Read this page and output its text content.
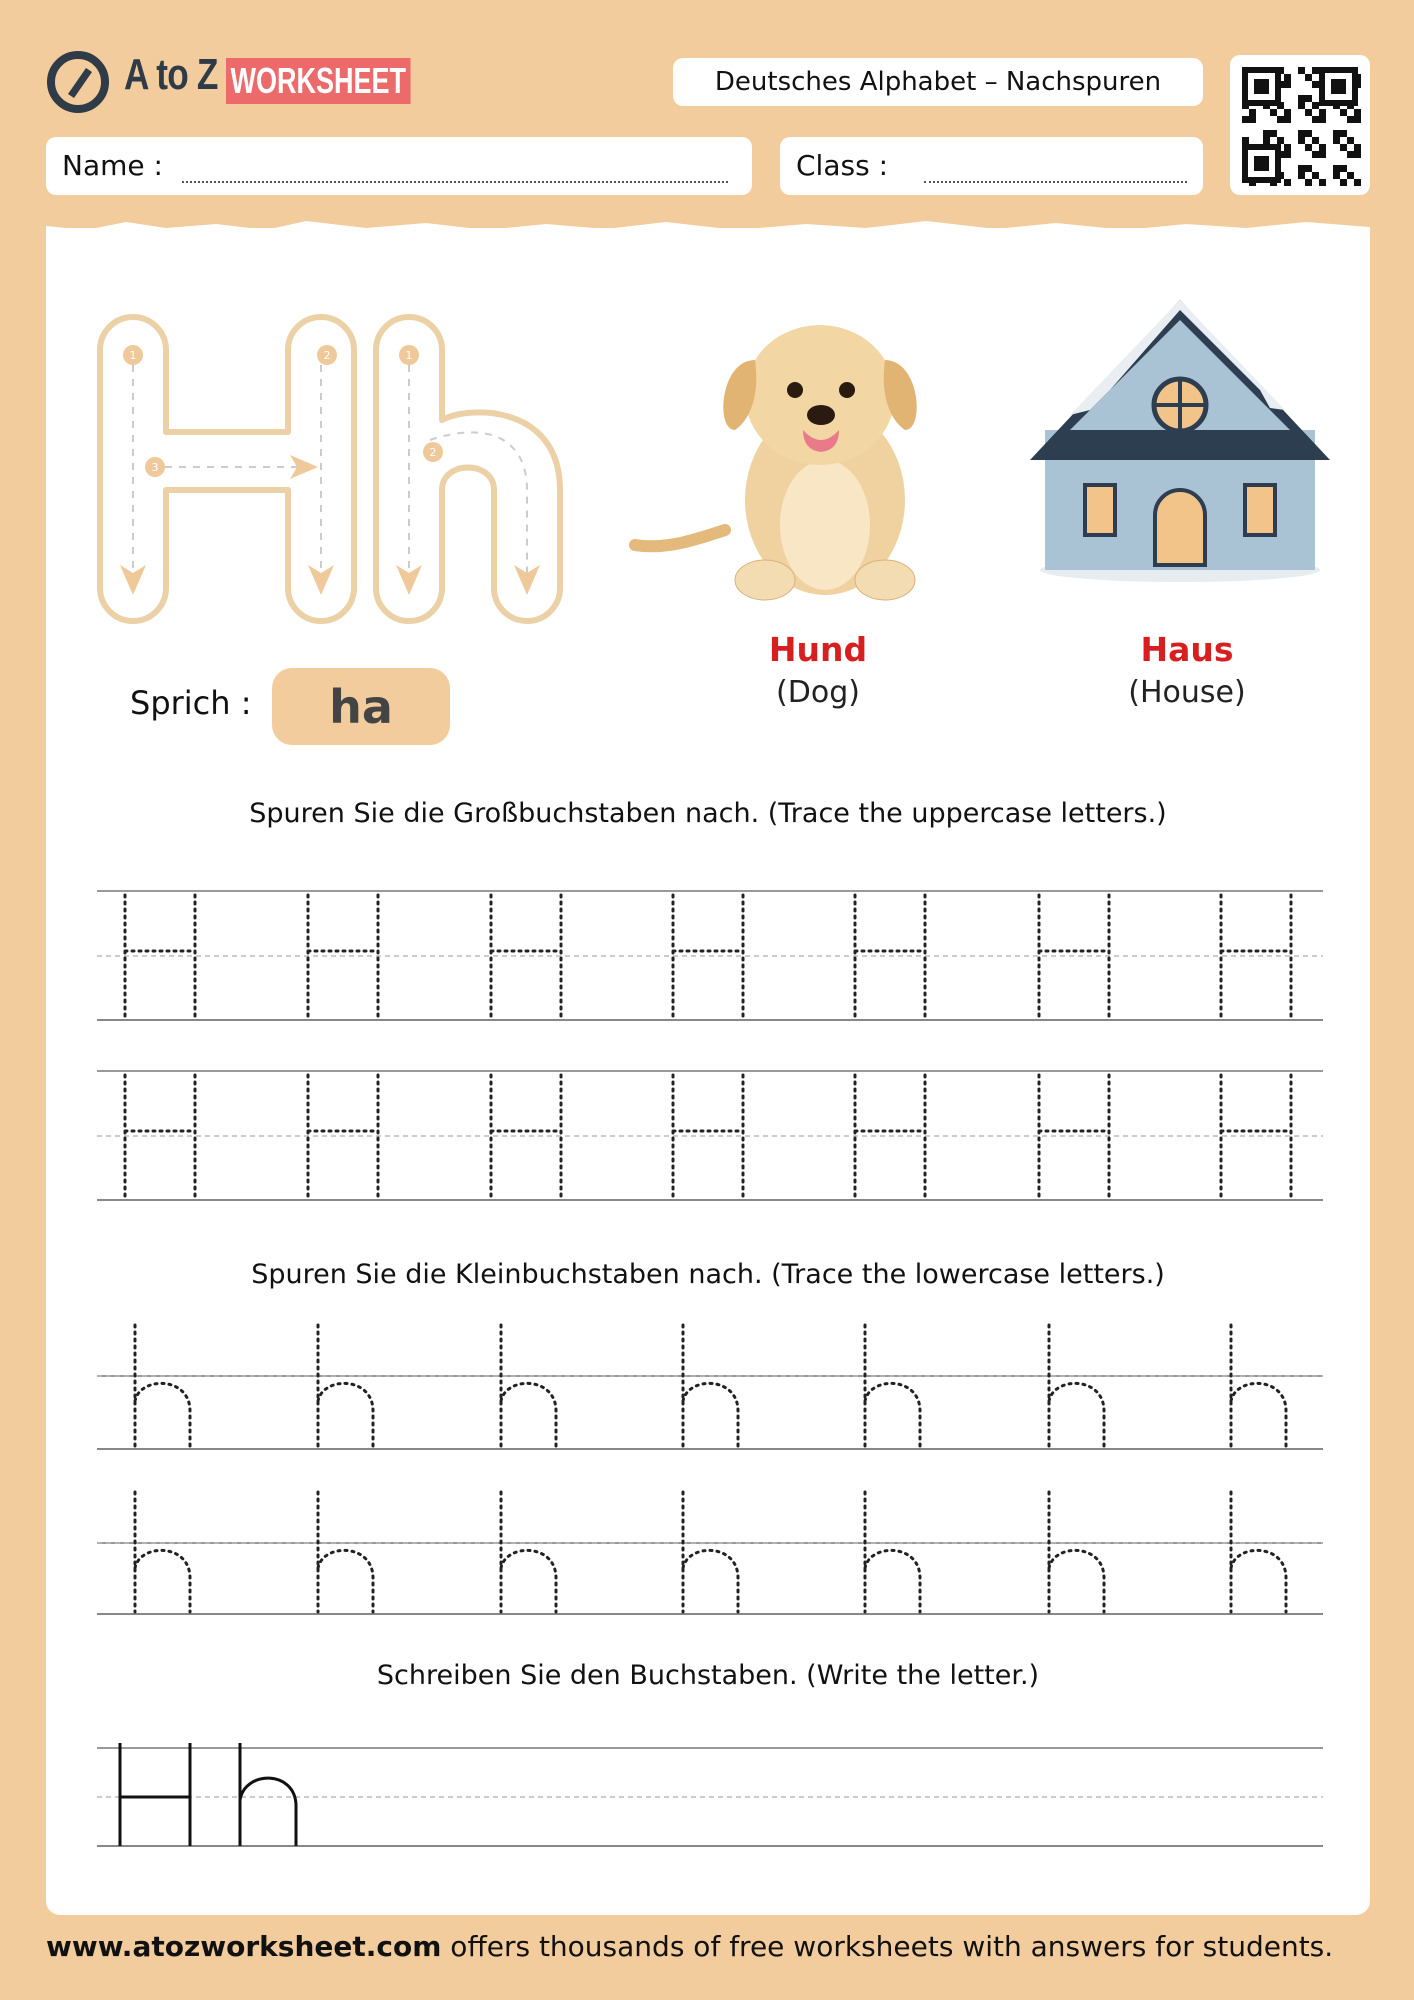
A to Z WORKSHEET	Deutsches Alphabet – Nachspuren
Name :	Class :
1	2
3
1
2
Hund
(Dog)
Haus
(House)
Sprich :	ha
Spuren Sie die Großbuchstaben nach. (Trace the uppercase letters.)
Spuren Sie die Kleinbuchstaben nach. (Trace the lowercase letters.)
Schreiben Sie den Buchstaben. (Write the letter.)
www.atozworksheet.com offers thousands of free worksheets with answers for students.
